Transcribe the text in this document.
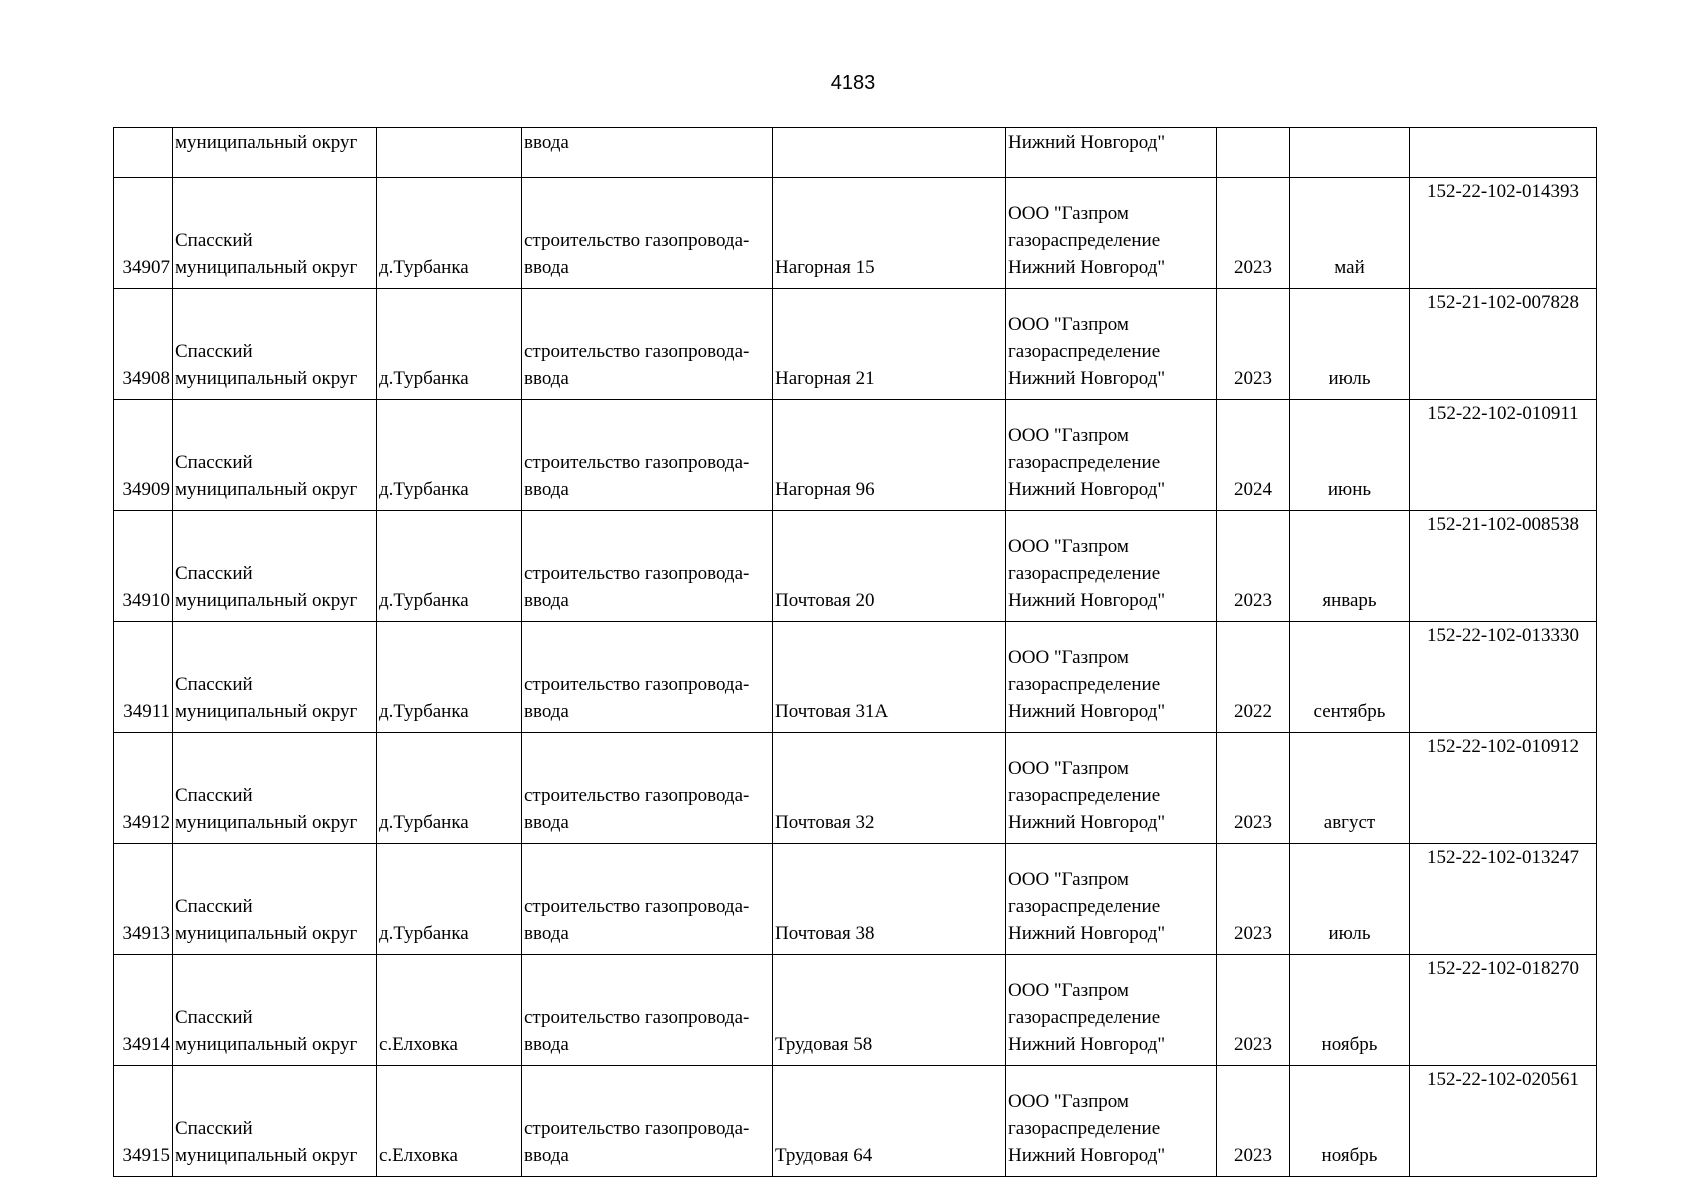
4183
	муниципальный округ		ввода		Нижний Новгород"			
34907	Спасский
муниципальный округ	д.Турбанка	строительство газопровода-
ввода	Нагорная 15	ООО "Газпром
газораспределение
Нижний Новгород"	2023	май	152-22-102-014393
34908	Спасский
муниципальный округ	д.Турбанка	строительство газопровода-
ввода	Нагорная 21	ООО "Газпром
газораспределение
Нижний Новгород"	2023	июль	152-21-102-007828
34909	Спасский
муниципальный округ	д.Турбанка	строительство газопровода-
ввода	Нагорная 96	ООО "Газпром
газораспределение
Нижний Новгород"	2024	июнь	152-22-102-010911
34910	Спасский
муниципальный округ	д.Турбанка	строительство газопровода-
ввода	Почтовая 20	ООО "Газпром
газораспределение
Нижний Новгород"	2023	январь	152-21-102-008538
34911	Спасский
муниципальный округ	д.Турбанка	строительство газопровода-
ввода	Почтовая 31А	ООО "Газпром
газораспределение
Нижний Новгород"	2022	сентябрь	152-22-102-013330
34912	Спасский
муниципальный округ	д.Турбанка	строительство газопровода-
ввода	Почтовая 32	ООО "Газпром
газораспределение
Нижний Новгород"	2023	август	152-22-102-010912
34913	Спасский
муниципальный округ	д.Турбанка	строительство газопровода-
ввода	Почтовая 38	ООО "Газпром
газораспределение
Нижний Новгород"	2023	июль	152-22-102-013247
34914	Спасский
муниципальный округ	с.Елховка	строительство газопровода-
ввода	Трудовая 58	ООО "Газпром
газораспределение
Нижний Новгород"	2023	ноябрь	152-22-102-018270
34915	Спасский
муниципальный округ	с.Елховка	строительство газопровода-
ввода	Трудовая 64	ООО "Газпром
газораспределение
Нижний Новгород"	2023	ноябрь	152-22-102-020561
